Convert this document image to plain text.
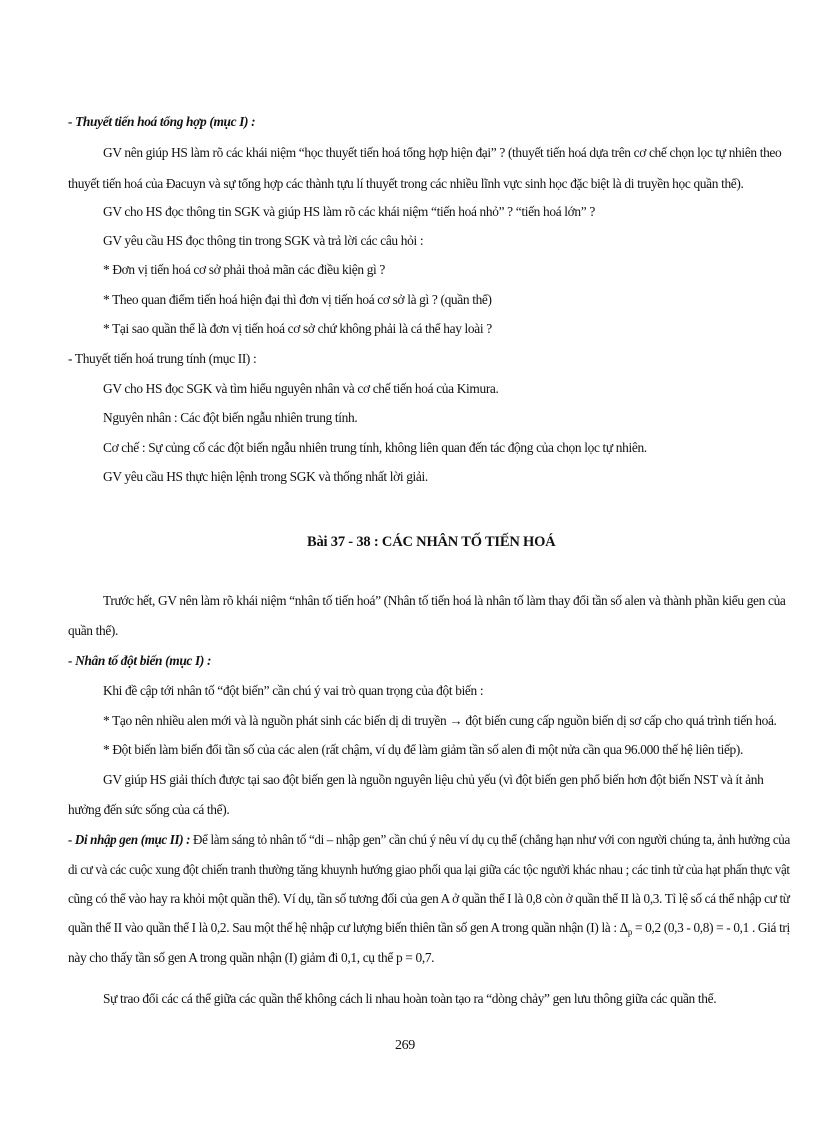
- Thuyết tiến hoá tổng hợp (mục I) :
GV nên giúp HS làm rõ các khái niệm “học thuyết tiến hoá tổng hợp hiện đại” ? (thuyết tiến hoá dựa trên cơ chế chọn lọc tự nhiên theo
thuyết tiến hoá của Đacuyn và sự tổng hợp các thành tựu lí thuyết trong các nhiều lĩnh vực sinh học đặc biệt là di truyền học quần thể).
GV cho HS đọc thông tin SGK và giúp HS làm rõ các khái niệm “tiến hoá nhỏ” ? “tiến hoá lớn” ?
GV yêu cầu HS đọc thông tin trong SGK và trả lời các câu hỏi :
* Đơn vị tiến hoá cơ sở phải thoả mãn các điều kiện gì ?
* Theo quan điểm tiến hoá hiện đại thì đơn vị tiến hoá cơ sở là gì ? (quần thể)
* Tại sao quần thể là đơn vị tiến hoá cơ sở chứ không phải là cá thể hay loài ?
- Thuyết tiến hoá trung tính (mục II) :
GV cho HS đọc SGK và tìm hiểu nguyên nhân và cơ chế tiến hoá của Kimura.
Nguyên nhân : Các đột biến ngẫu nhiên trung tính.
Cơ chế : Sự củng cố các đột biến ngẫu nhiên trung tính, không liên quan đến tác động của chọn lọc tự nhiên.
GV yêu cầu HS thực hiện lệnh trong SGK và thống nhất lời giải.
Bài 37 - 38 : CÁC NHÂN TỐ TIẾN HOÁ
Trước hết, GV nên làm rõ khái niệm “nhân tố tiến hoá” (Nhân tố tiến hoá là nhân tố làm thay đổi tần số alen và thành phần kiểu gen của
quần thể).
- Nhân tố đột biến (mục I) :
Khi đề cập tới nhân tố “đột biến” cần chú ý vai trò quan trọng của đột biến :
* Tạo nên nhiều alen mới và là nguồn phát sinh các biến dị di truyền → đột biến cung cấp nguồn biến dị sơ cấp cho quá trình tiến hoá.
* Đột biến làm biến đổi tần số của các alen (rất chậm, ví dụ để làm giảm tần số alen đi một nửa cần qua 96.000 thế hệ liên tiếp).
GV giúp HS giải thích được tại sao đột biến gen là nguồn nguyên liệu chủ yếu (vì đột biến gen phổ biến hơn đột biến NST và ít ảnh
hưởng đến sức sống của cá thể).
- Di nhập gen (mục II) : Để làm sáng tỏ nhân tố “di – nhập gen” cần chú ý nêu ví dụ cụ thể (chẳng hạn như với con người chúng ta, ảnh hưởng của
di cư và các cuộc xung đột chiến tranh thường tăng khuynh hướng giao phối qua lại giữa các tộc người khác nhau ; các tinh tử của hạt phấn thực vật
cũng có thể vào hay ra khỏi một quần thể). Ví dụ, tần số tương đối của gen A ở quần thể I là 0,8 còn ở quần thể II là 0,3. Tỉ lệ số cá thể nhập cư từ
quần thể II vào quần thể I là 0,2. Sau một thế hệ nhập cư lượng biến thiên tần số gen A trong quần nhận (I) là : $\Delta_p = 0,2$ (0,3 - 0,8) = - 0,1 . Giá trị
này cho thấy tần số gen A trong quần nhận (I) giảm đi 0,1, cụ thể p = 0,7.
Sự trao đổi các cá thể giữa các quần thể không cách li nhau hoàn toàn tạo ra “dòng chảy” gen lưu thông giữa các quần thể.
269
